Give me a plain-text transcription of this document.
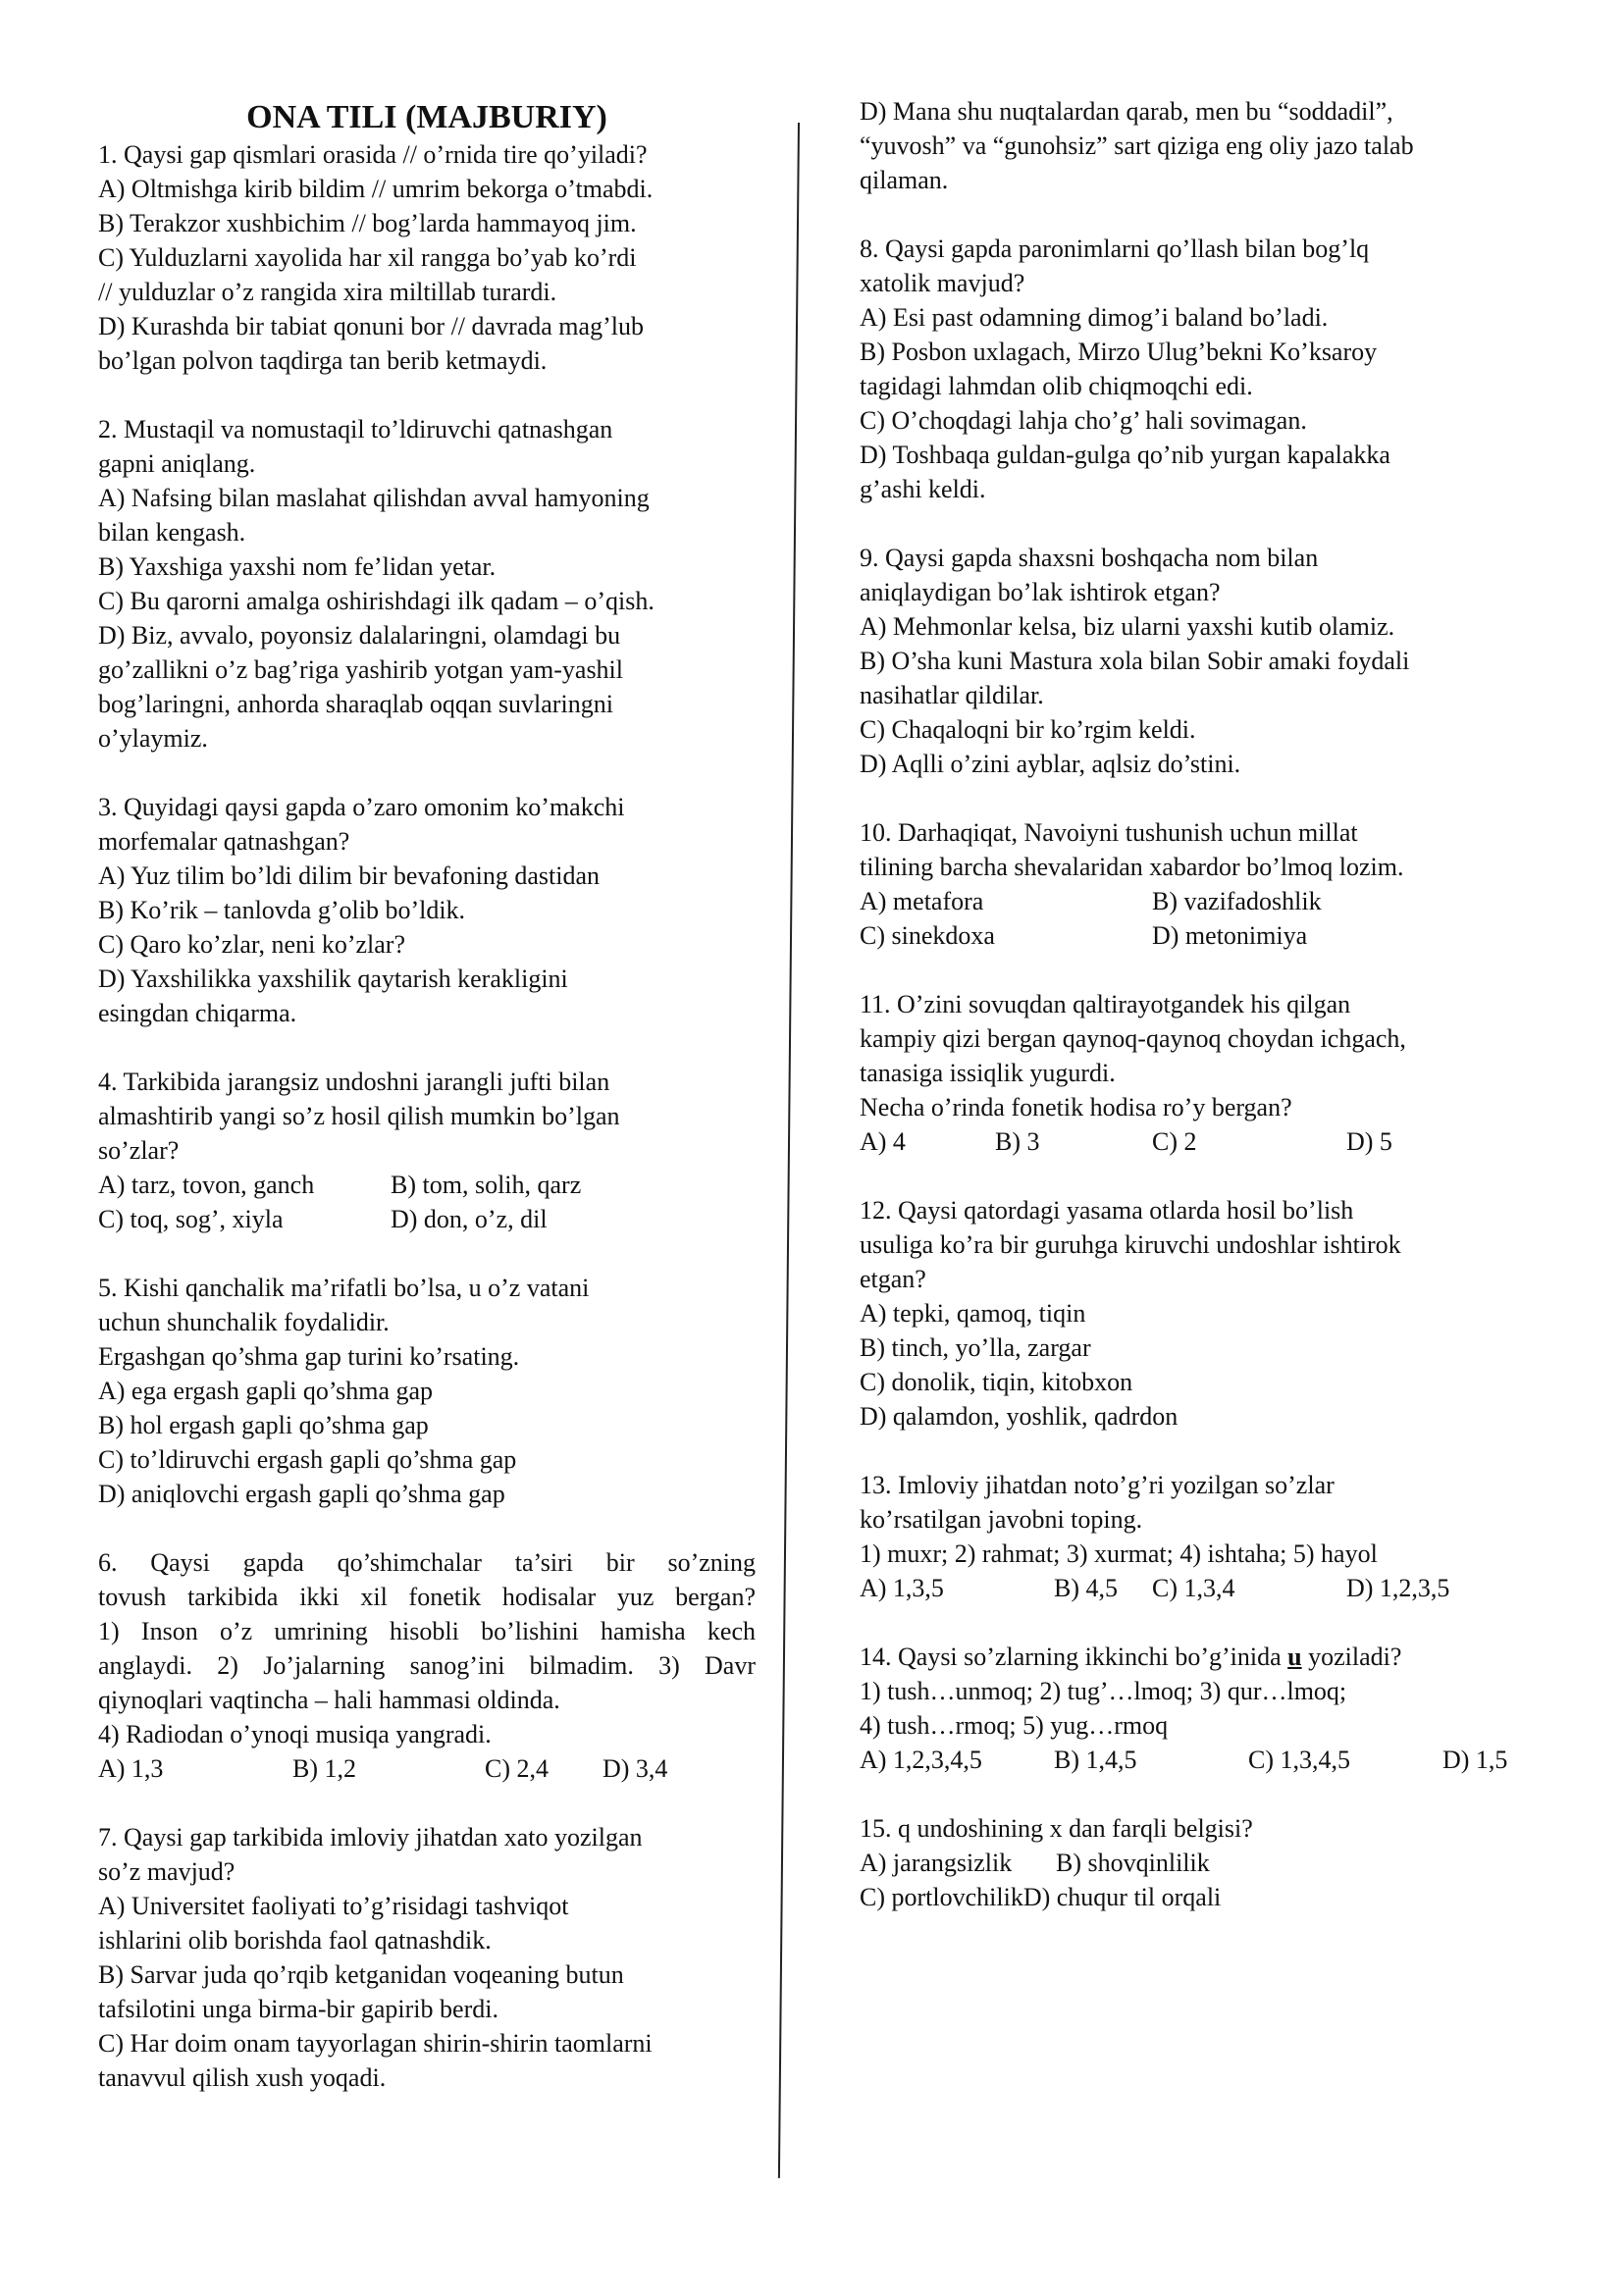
ONA TILI (MAJBURIY)
1. Qaysi gap qismlari orasida // o’rnida tire qo’yiladi?
A) Oltmishga kirib bildim // umrim bekorga o’tmabdi.
B) Terakzor xushbichim // bog’larda hammayoq jim.
C) Yulduzlarni xayolida har xil rangga bo’yab ko’rdi
// yulduzlar o’z rangida xira miltillab turardi.
D) Kurashda bir tabiat qonuni bor // davrada mag’lub
bo’lgan polvon taqdirga tan berib ketmaydi.
2. Mustaqil va nomustaqil to’ldiruvchi qatnashgan
gapni aniqlang.
A) Nafsing bilan maslahat qilishdan avval hamyoning
bilan kengash.
B) Yaxshiga yaxshi nom fe’lidan yetar.
C) Bu qarorni amalga oshirishdagi ilk qadam – o’qish.
D) Biz, avvalo, poyonsiz dalalaringni, olamdagi bu
go’zallikni o’z bag’riga yashirib yotgan yam-yashil
bog’laringni, anhorda sharaqlab oqqan suvlaringni
o’ylaymiz.
3. Quyidagi qaysi gapda o’zaro omonim ko’makchi
morfemalar qatnashgan?
A) Yuz tilim bo’ldi dilim bir bevafoning dastidan
B) Ko’rik – tanlovda g’olib bo’ldik.
C) Qaro ko’zlar, neni ko’zlar?
D) Yaxshilikka yaxshilik qaytarish kerakligini
esingdan chiqarma.
4. Tarkibida jarangsiz undoshni jarangli jufti bilan
almashtirib yangi so’z hosil qilish mumkin bo’lgan
so’zlar?
A) tarz, tovon, ganch	B) tom, solih, qarz
C) toq, sog’, xiyla	D) don, o’z, dil
5. Kishi qanchalik ma’rifatli bo’lsa, u o’z vatani
uchun shunchalik foydalidir.
Ergashgan qo’shma gap turini ko’rsating.
A) ega ergash gapli qo’shma gap
B) hol ergash gapli qo’shma gap
C) to’ldiruvchi ergash gapli qo’shma gap
D) aniqlovchi ergash gapli qo’shma gap
6. Qaysi gapda qo’shimchalar ta’siri bir so’zning
tovush tarkibida ikki xil fonetik hodisalar yuz bergan?
1) Inson o’z umrining hisobli bo’lishini hamisha kech
anglaydi. 2) Jo’jalarning sanog’ini bilmadim. 3) Davr
qiynoqlari vaqtincha – hali hammasi oldinda.
4) Radiodan o’ynoqi musiqa yangradi.
A) 1,3	B) 1,2	C) 2,4	D) 3,4
7. Qaysi gap tarkibida imloviy jihatdan xato yozilgan
so’z mavjud?
A) Universitet faoliyati to’g’risidagi tashviqot
ishlarini olib borishda faol qatnashdik.
B) Sarvar juda qo’rqib ketganidan voqeaning butun
tafsilotini unga birma-bir gapirib berdi.
C) Har doim onam tayyorlagan shirin-shirin taomlarni
tanavvul qilish xush yoqadi.
D) Mana shu nuqtalardan qarab, men bu “soddadil”,
“yuvosh” va “gunohsiz” sart qiziga eng oliy jazo talab
qilaman.
8. Qaysi gapda paronimlarni qo’llash bilan bog’lq
xatolik mavjud?
A) Esi past odamning dimog’i baland bo’ladi.
B) Posbon uxlagach, Mirzo Ulug’bekni Ko’ksaroy
tagidagi lahmdan olib chiqmoqchi edi.
C) O’choqdagi lahja cho’g’ hali sovimagan.
D) Toshbaqa guldan-gulga qo’nib yurgan kapalakka
g’ashi keldi.
9. Qaysi gapda shaxsni boshqacha nom bilan
aniqlaydigan bo’lak ishtirok etgan?
A) Mehmonlar kelsa, biz ularni yaxshi kutib olamiz.
B) O’sha kuni Mastura xola bilan Sobir amaki foydali
nasihatlar qildilar.
C) Chaqaloqni bir ko’rgim keldi.
D) Aqlli o’zini ayblar, aqlsiz do’stini.
10. Darhaqiqat, Navoiyni tushunish uchun millat
tilining barcha shevalaridan xabardor bo’lmoq lozim.
A) metafora	B) vazifadoshlik
C) sinekdoxa	D) metonimiya
11. O’zini sovuqdan qaltirayotgandek his qilgan
kampiy qizi bergan qaynoq-qaynoq choydan ichgach,
tanasiga issiqlik yugurdi.
Necha o’rinda fonetik hodisa ro’y bergan?
A) 4	B) 3	C) 2	D) 5
12. Qaysi qatordagi yasama otlarda hosil bo’lish
usuliga ko’ra bir guruhga kiruvchi undoshlar ishtirok
etgan?
A) tepki, qamoq, tiqin
B) tinch, yo’lla, zargar
C) donolik, tiqin, kitobxon
D) qalamdon, yoshlik, qadrdon
13. Imloviy jihatdan noto’g’ri yozilgan so’zlar
ko’rsatilgan javobni toping.
1) muxr; 2) rahmat; 3) xurmat; 4) ishtaha; 5) hayol
A) 1,3,5	B) 4,5	C) 1,3,4	D) 1,2,3,5
14. Qaysi so’zlarning ikkinchi bo’g’inida u yoziladi?
1) tush…unmoq; 2) tug’…lmoq; 3) qur…lmoq;
4) tush…rmoq; 5) yug…rmoq
A) 1,2,3,4,5	B) 1,4,5	C) 1,3,4,5	D) 1,5
15. q undoshining x dan farqli belgisi?
A) jarangsizlik	B) shovqinlilik
C) portlovchilik D) chuqur til orqali
